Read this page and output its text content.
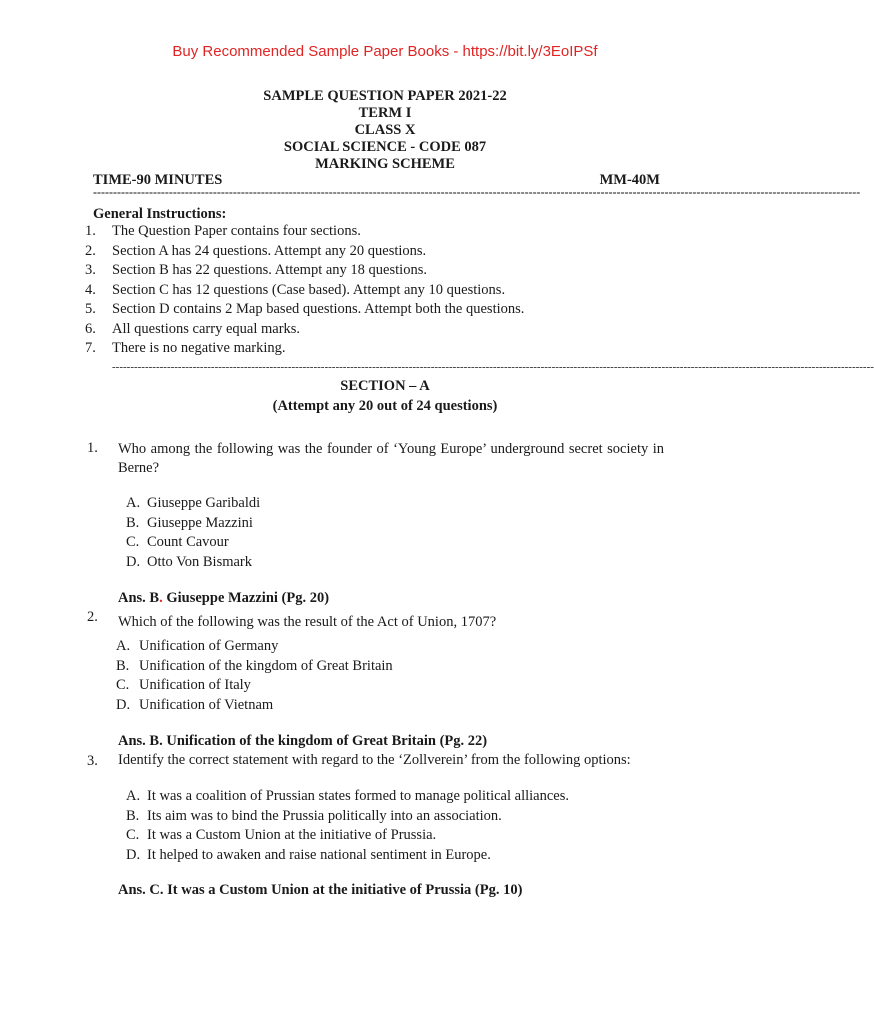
Buy Recommended Sample Paper Books - https://bit.ly/3EoIPSf
SAMPLE QUESTION PAPER 2021-22
TERM I
CLASS X
SOCIAL SCIENCE - CODE 087
MARKING SCHEME
TIME-90 MINUTES	MM-40M
------------------------------------------------------------------------------------------------------------------------------------------------------------------------------------------------
General Instructions:
1.	The Question Paper contains four sections.
2.	Section A has 24 questions. Attempt any 20 questions.
3.	Section B has 22 questions. Attempt any 18 questions.
4.	Section C has 12 questions (Case based). Attempt any 10 questions.
5.	Section D contains 2 Map based questions. Attempt both the questions.
6.	All questions carry equal marks.
7.	There is no negative marking.
----------------------------------------------------------------------------------------------------------------------------------------------------------------------------------------------------------------
SECTION – A
(Attempt any 20 out of 24 questions)
1. Who among the following was the founder of ‘Young Europe’ underground secret society in Berne?
A. Giuseppe Garibaldi
B. Giuseppe Mazzini
C. Count Cavour
D. Otto Von Bismark
Ans. B. Giuseppe Mazzini (Pg. 20)
2. Which of the following was the result of the Act of Union, 1707?
A. Unification of Germany
B. Unification of the kingdom of Great Britain
C. Unification of Italy
D. Unification of Vietnam
Ans. B. Unification of the kingdom of Great Britain (Pg. 22)
3. Identify the correct statement with regard to the ‘Zollverein’ from the following options:
A. It was a coalition of Prussian states formed to manage political alliances.
B. Its aim was to bind the Prussia politically into an association.
C. It was a Custom Union at the initiative of Prussia.
D. It helped to awaken and raise national sentiment in Europe.
Ans. C. It was a Custom Union at the initiative of Prussia (Pg. 10)
